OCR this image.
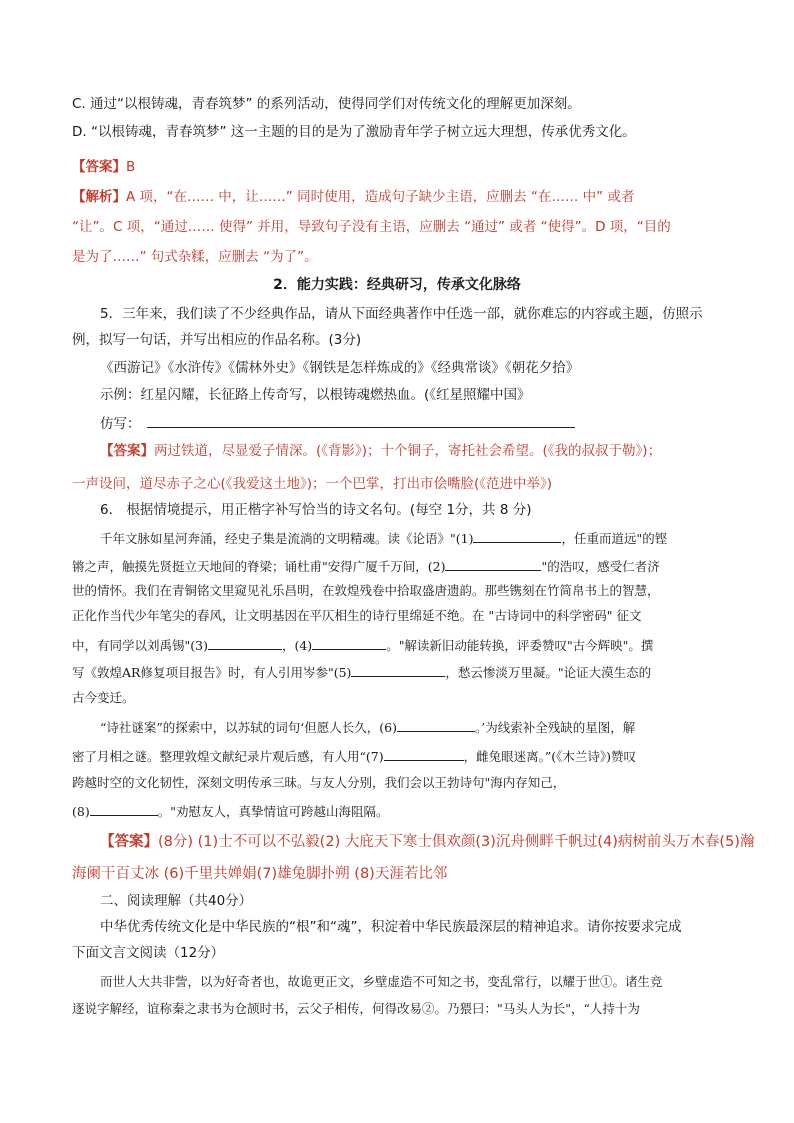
C. 通过“以根铸魂，青春筑梦” 的系列活动，使得同学们对传统文化的理解更加深刻。
D. “以根铸魂，青春筑梦” 这一主题的目的是为了激励青年学子树立远大理想，传承优秀文化。
【答案】B
【解析】A 项，“在…… 中，让……” 同时使用，造成句子缺少主语，应删去 “在…… 中” 或者
“让”。C 项，“通过…… 使得” 并用，导致句子没有主语，应删去 “通过” 或者 “使得”。D 项，“目的
是为了……” 句式杂糅，应删去 “为了”。
2．能力实践：经典研习，传承文化脉络
5．三年来，我们读了不少经典作品，请从下面经典著作中任选一部，就你难忘的内容或主题，仿照示
例，拟写一句话，并写出相应的作品名称。(3分)
《西游记》《水浒传》《儒林外史》《钢铁是怎样炼成的》《经典常谈》《朝花夕拾》
示例：红星闪耀，长征路上传奇写，以根铸魂燃热血。(《红星照耀中国》
仿写：
【答案】两过铁道，尽显爱子情深。(《背影》)；十个铜子，寄托社会希望。(《我的叔叔于勒》)；
一声设问，道尽赤子之心(《我爱这土地》)；一个巴掌，打出市侩嘴脸(《范进中举》)
6． 根据情境提示，用正楷字补写恰当的诗文名句。(每空 1分，共 8 分)
千年文脉如星河奔涌，经史子集是流淌的文明精魂。读《论语》"(1)	，任重而道远"的铿
锵之声，触摸先贤挺立天地间的脊梁；诵杜甫"安得广厦千万间，(2)	"的浩叹，感受仁者济
世的情怀。我们在青铜铭文里窥见礼乐昌明，在敦煌残卷中拾取盛唐遗韵。那些镌刻在竹简帛书上的智慧，
正化作当代少年笔尖的春风，让文明基因在平仄相生的诗行里绵延不绝。在 "古诗词中的科学密码" 征文
中，有同学以刘禹锡"(3)	，(4)	。"解读新旧动能转换，评委赞叹"古今辉映"。撰
写《敦煌AR修复项目报告》时，有人引用岑参"(5)	，愁云惨淡万里凝。"论证大漠生态的
古今变迁。
“诗社谜案”的探索中，以苏轼的词句‘但愿人长久，(6)	。’为线索补全残缺的星图，解
密了月相之谜。整理敦煌文献纪录片观后感，有人用“(7)	，雌兔眼迷离。”(《木兰诗》)赞叹
跨越时空的文化韧性，深刻文明传承三昧。与友人分别，我们会以王勃诗句"海内存知己，
(8)	。"劝慰友人，真挚情谊可跨越山海阻隔。
【答案】(8分) (1)士不可以不弘毅(2) 大庇天下寒士俱欢颜(3)沉舟侧畔千帆过(4)病树前头万木春(5)瀚
海阑干百丈冰 (6)千里共婵娟(7)雄兔脚扑朔 (8)天涯若比邻
二、阅读理解（共40分）
中华优秀传统文化是中华民族的“根”和“魂”，积淀着中华民族最深层的精神追求。请你按要求完成
下面文言文阅读（12分）
而世人大共非訾，以为好奇者也，故诡更正文，乡壁虚造不可知之书，变乱常行，以耀于世①。诸生竞
逐说字解经，谊称秦之隶书为仓颉时书，云父子相传，何得改易②。乃猥曰："马头人为长"，“人持十为
